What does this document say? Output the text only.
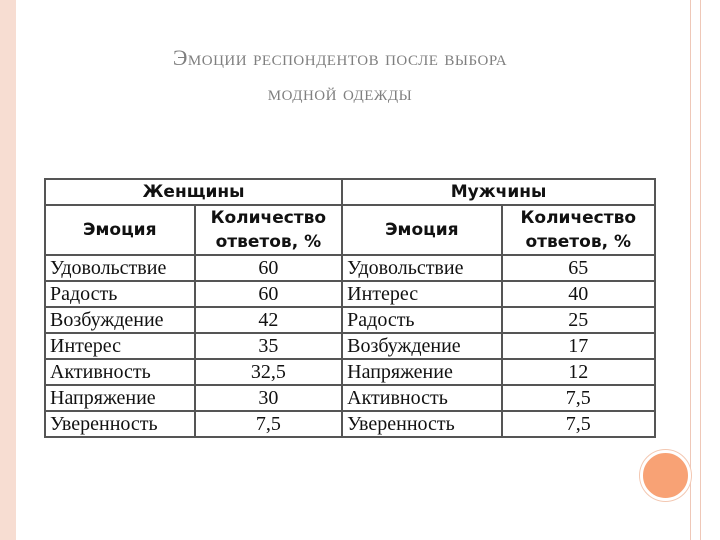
Эмоции респондентов после выбора
модной одежды
Женщины		Мужчины	
Эмоция	Количество ответов, %	Эмоция	Количество ответов, %
Удовольствие	60	Удовольствие	65
Радость	60	Интерес	40
Возбуждение	42	Радость	25
Интерес	35	Возбуждение	17
Активность	32,5	Напряжение	12
Напряжение	30	Активность	7,5
Уверенность	7,5	Уверенность	7,5
